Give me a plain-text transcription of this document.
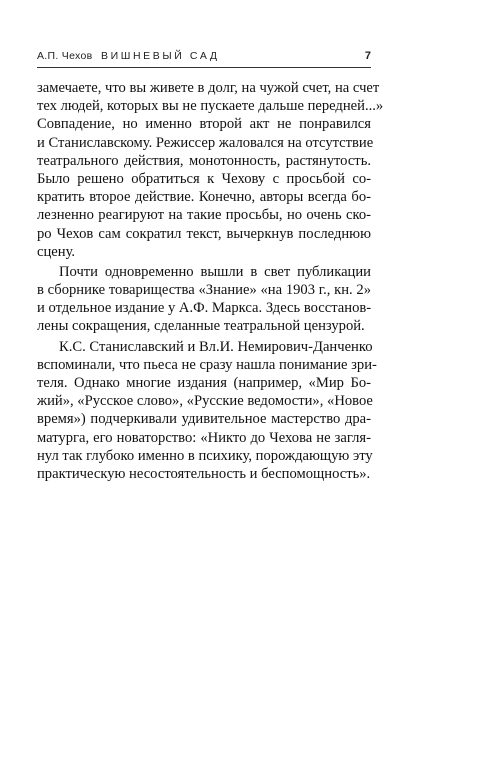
А.П. Чехов ВИШНЕВЫЙ САД	7
замечаете, что вы живете в долг, на чужой счет, на счет
тех людей, которых вы не пускаете дальше передней...»
Совпадение, но именно второй акт не понравился
и Станиславскому. Режиссер жаловался на отсутствие
театрального действия, монотонность, растянутость.
Было решено обратиться к Чехову с просьбой со-
кратить второе действие. Конечно, авторы всегда бо-
лезненно реагируют на такие просьбы, но очень ско-
ро Чехов сам сократил текст, вычеркнув последнюю
сцену.
Почти одновременно вышли в свет публикации
в сборнике товарищества «Знание» «на 1903 г., кн. 2»
и отдельное издание у А.Ф. Маркса. Здесь восстанов-
лены сокращения, сделанные театральной цензурой.
К.С. Станиславский и Вл.И. Немирович-Данченко
вспоминали, что пьеса не сразу нашла понимание зри-
теля. Однако многие издания (например, «Мир Бо-
жий», «Русское слово», «Русские ведомости», «Новое
время») подчеркивали удивительное мастерство дра-
матурга, его новаторство: «Никто до Чехова не загля-
нул так глубоко именно в психику, порождающую эту
практическую несостоятельность и беспомощность».
